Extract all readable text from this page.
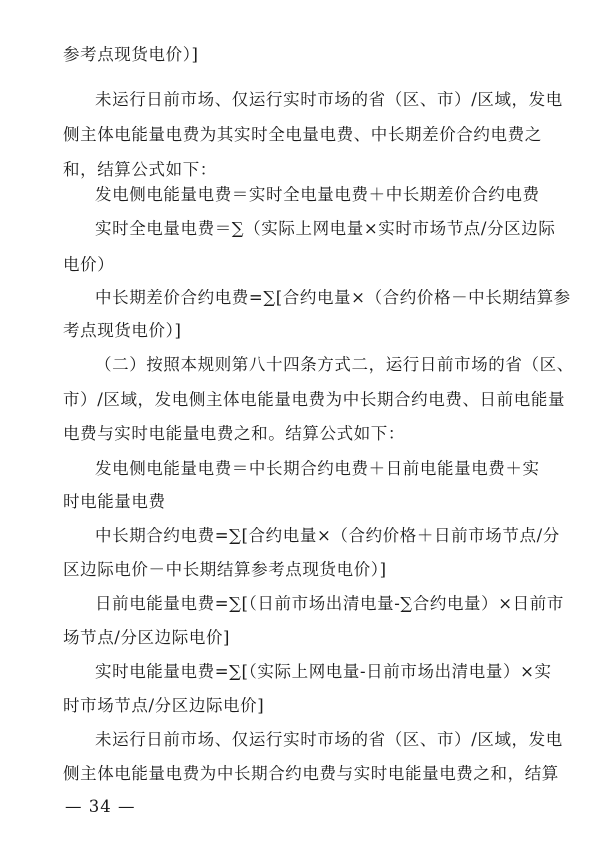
参考点现货电价）]
未运行日前市场、仅运行实时市场的省（区、市）/区域，发电
侧主体电能量电费为其实时全电量电费、中长期差价合约电费之
和，结算公式如下：
发电侧电能量电费＝实时全电量电费＋中长期差价合约电费
实时全电量电费＝∑（实际上网电量×实时市场节点/分区边际
电价）
中长期差价合约电费=∑[合约电量×（合约价格－中长期结算参
考点现货电价）]
（二）按照本规则第八十四条方式二，运行日前市场的省（区、
市）/区域，发电侧主体电能量电费为中长期合约电费、日前电能量
电费与实时电能量电费之和。结算公式如下：
发电侧电能量电费＝中长期合约电费＋日前电能量电费＋实
时电能量电费
中长期合约电费=∑[合约电量×（合约价格＋日前市场节点/分
区边际电价－中长期结算参考点现货电价）]
日前电能量电费=∑[（日前市场出清电量-∑合约电量）×日前市
场节点/分区边际电价]
实时电能量电费=∑[（实际上网电量-日前市场出清电量）×实
时市场节点/分区边际电价]
未运行日前市场、仅运行实时市场的省（区、市）/区域，发电
侧主体电能量电费为中长期合约电费与实时电能量电费之和，结算
— 34 —
